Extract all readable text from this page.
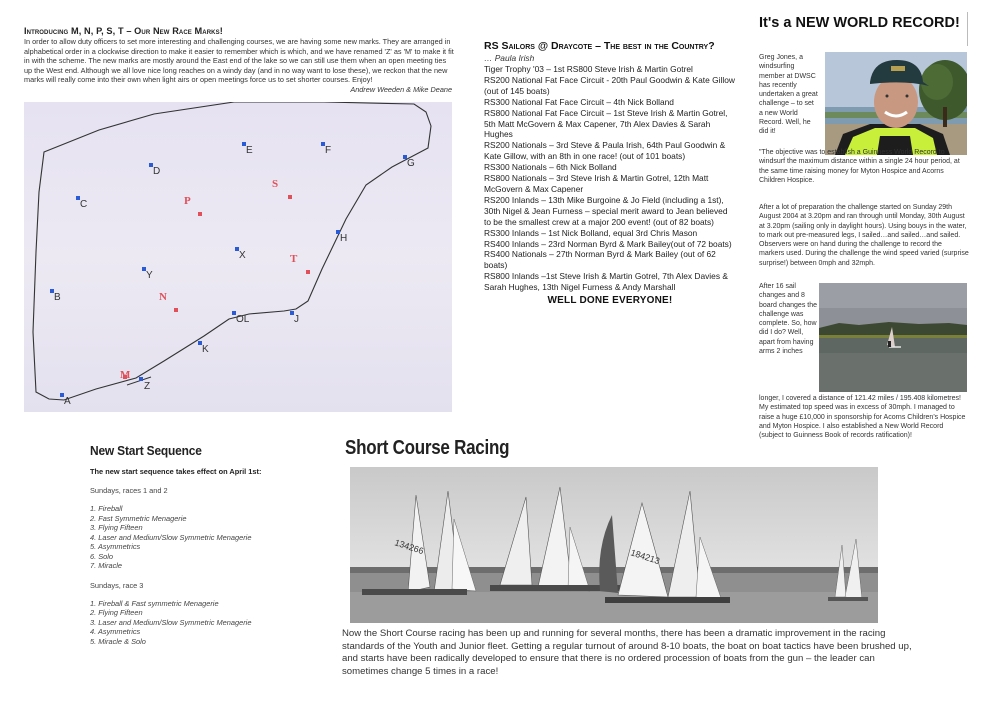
Introducing M, N, P, S, T – Our New Race Marks!
In order to allow duty officers to set more interesting and challenging courses, we are having some new marks. They are arranged in alphabetical order in a clockwise direction to make it easier to remember which is which, and we have renamed 'Z' as 'M' to make it fit in with the scheme. The new marks are mostly around the East end of the lake so we can still use them when an open meeting ties up the West end. Although we all love nice long reaches on a windy day (and in no way want to lose these), we reckon that the new marks will really come into their own when light airs or open meetings force us to set shorter courses. Enjoy!
Andrew Weeden & Mike Deane
A
B
C
D
E	F
G
H
X
Y
OL	J
K
Z
P
S
T
N
M
RS Sailors @ Draycote – The best in the Country?
… Paula Irish
Tiger Trophy '03 – 1st RS800 Steve Irish & Martin Gotrel
RS200 National Fat Face Circuit - 20th Paul Goodwin & Kate Gillow (out of 145 boats)
RS300 National Fat Face Circuit – 4th Nick Bolland
RS800 National Fat Face Circuit – 1st Steve Irish & Martin Gotrel, 5th Matt McGovern & Max Capener, 7th Alex Davies & Sarah Hughes
RS200 Nationals – 3rd Steve & Paula Irish, 64th Paul Goodwin & Kate Gillow, with an 8th in one race! (out of 101 boats)
RS300 Nationals – 6th Nick Bolland
RS800 Nationals – 3rd Steve Irish & Martin Gotrel, 12th Matt McGovern & Max Capener
RS200 Inlands – 13th Mike Burgoine & Jo Field (including a 1st), 30th Nigel & Jean Furness – special merit award to Jean believed to be the smallest crew at a major 200 event! (out of 82 boats)
RS300 Inlands – 1st Nick Bolland, equal 3rd Chris Mason
RS400 Inlands – 23rd Norman Byrd & Mark Bailey(out of 72 boats)
RS400 Nationals – 27th Norman Byrd & Mark Bailey (out of 62 boats)
RS800 Inlands –1st Steve Irish & Martin Gotrel, 7th Alex Davies & Sarah Hughes, 13th Nigel Furness & Andy Marshall
WELL DONE EVERYONE!
It's a NEW WORLD RECORD!
Greg Jones, a windsurfing member at DWSC has recently undertaken a great challenge – to set a new World Record. Well, he did it!
"The objective was to establish a Guinness World Record to windsurf the maximum distance within a single 24 hour period, at the same time raising money for Myton Hospice and Acorns Children Hospice.
After a lot of preparation the challenge started on Sunday 29th August 2004 at 3.20pm and ran through until Monday, 30th August at 3.20pm (sailing only in daylight hours). Using bouys in the water, to mark out pre-measured legs, I sailed…and sailed…and sailed. Observers were on hand during the challenge to record the markers used. During the challenge the wind speed varied (surprise surprise!) between 0mph and 32mph.
After 16 sail changes and 8 board changes the challenge was complete. So, how did I do? Well, apart from having arms 2 inches
longer, I covered a distance of 121.42 miles / 195.408 kilometres! My estimated top speed was in excess of 30mph. I managed to raise a huge £10,000 in sponsorship for Acorns Children's Hospice and Myton Hospice. I also established a New World Record (subject to Guinness Book of records ratification)!
New Start Sequence
The new start sequence takes effect on April 1st:
Sundays, races 1 and 2
1. Fireball
2. Fast Symmetric Menagerie
3. Flying Fifteen
4. Laser and Medium/Slow Symmetric Menagerie
5. Asymmetrics
6. Solo
7. Miracle
Sundays, race 3
1. Fireball & Fast symmetric Menagerie
2. Flying Fifteen
3. Laser and Medium/Slow Symmetric Menagerie
4. Asymmetrics
5. Miracle & Solo
Short Course Racing
134266
184213
Now the Short Course racing has been up and running for several months, there has been a dramatic improvement in the racing standards of the Youth and Junior fleet. Getting a regular turnout of around 8-10 boats, the boat on boat tactics have been brushed up, and starts have been radically developed to ensure that there is no ordered procession of boats from the gun – the leader can sometimes change 5 times in a race!
